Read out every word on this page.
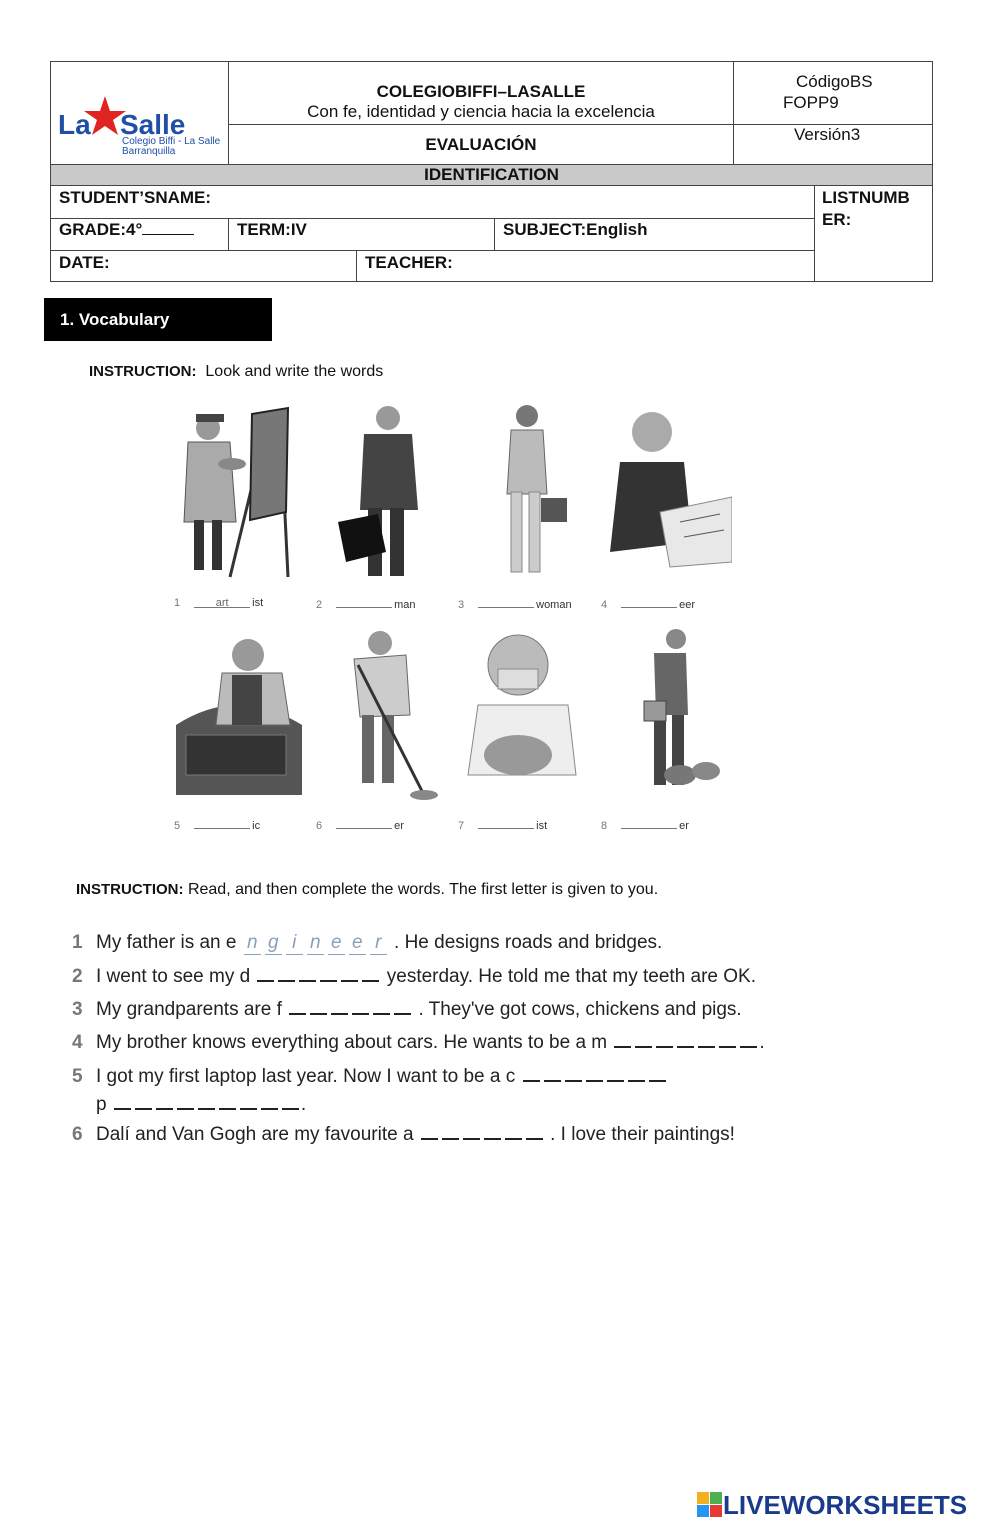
La Salle
Colegio Biffi - La Salle
Barranquilla
COLEGIOBIFFI–LASALLE
Con fe, identidad y ciencia hacia la excelencia
CódigoBS
FOPP9
EVALUACIÓN
Versión3
IDENTIFICATION
STUDENT’SNAME:	LISTNUMB
ER:
GRADE:4°	TERM:IV	SUBJECT:English
DATE:	TEACHER:
1. Vocabulary
INSTRUCTION: Look and write the words
1	art ist	2	man	3	woman	4	eer
5	ic	6	er	7	ist	8	er
INSTRUCTION: Read, and then complete the words. The first letter is given to you.
1 My father is an e n g i n e e r . He designs roads and bridges.
2 I went to see my d	yesterday. He told me that my teeth are OK.
3 My grandparents are f	. They've got cows, chickens and pigs.
4 My brother knows everything about cars. He wants to be a m	.
5 I got my first laptop last year. Now I want to be a c
p	.
6 Dalí and Van Gogh are my favourite a	. I love their paintings!
LIVEWORKSHEETS
